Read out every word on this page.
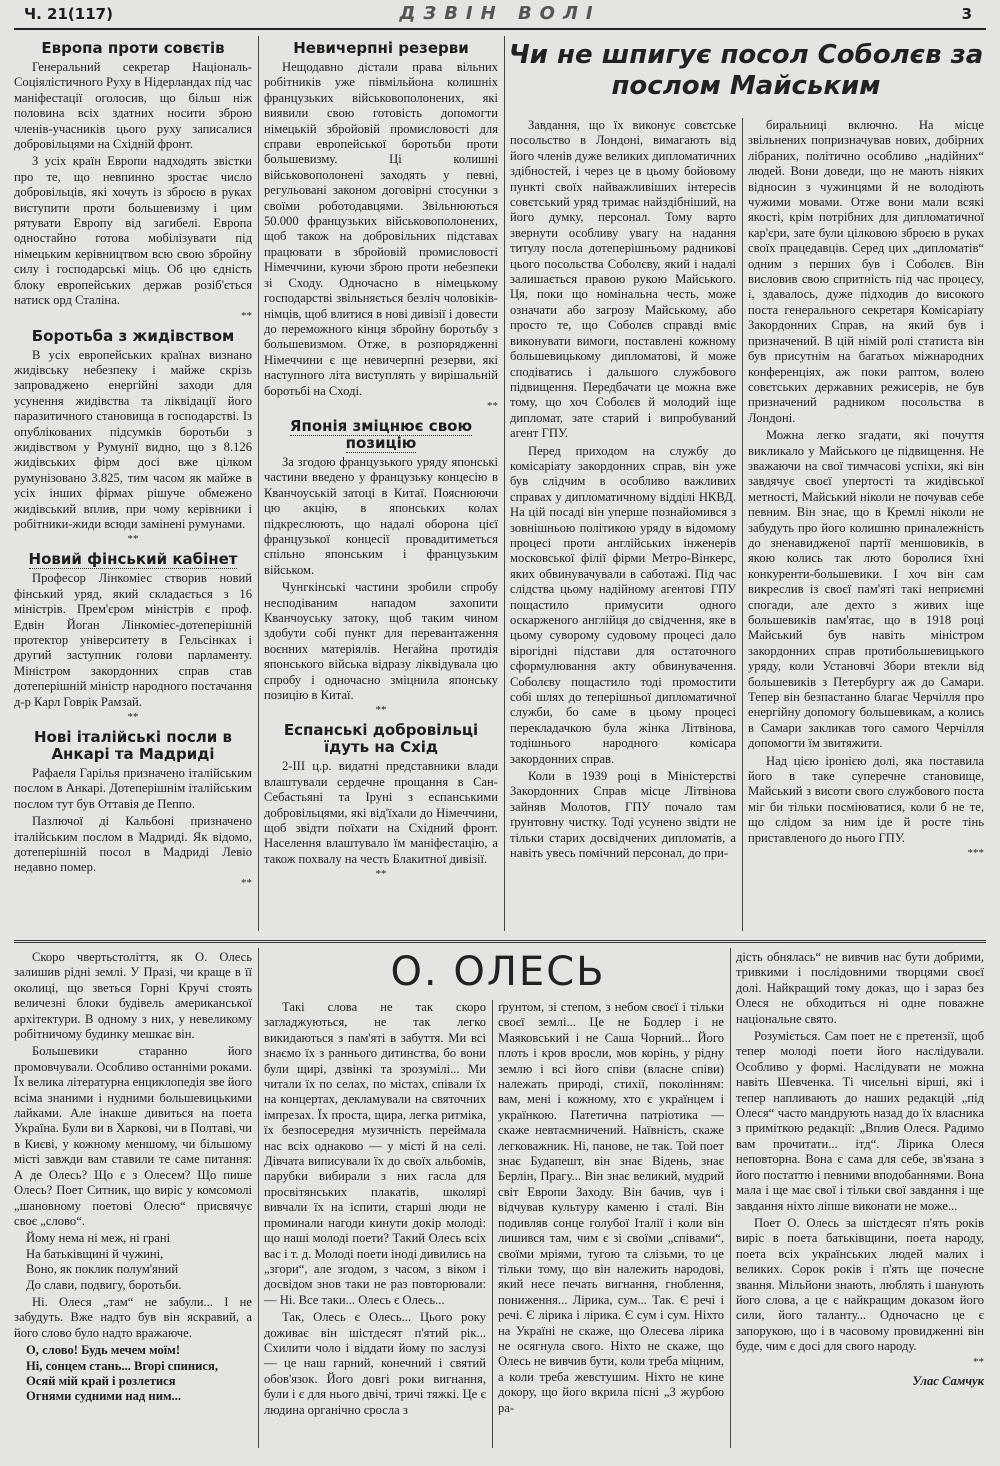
Ч. 21(117)	ДЗВІН ВОЛІ	3
Европа проти совєтів

Генеральний секретар Національ-Соціялістичного Руху в Нідерландах під час маніфестації оголосив, що більш ніж половина всіх здатних носити зброю членів-учасників цього руху записалися добровільцями на Східній фронт.

З усіх країн Европи надходять звістки про те, що невпинно зростає число добровільців, які хочуть із зброєю в руках виступити проти большевизму і цим рятувати Европу від загибелі. Европа одностайно готова мобілізувати під німецьким керівництвом всю свою збройну силу і господарські міць. Об цю єдність блоку европейських держав розіб'ється натиск орд Сталіна.

**
Боротьба з жидівством

В усіх европейських країнах визнано жидівську небезпеку і майже скрізь запроваджено енергійні заходи для усунення жидівства та ліквідації його паразитичного становища в господарстві. Із опублікованих підсумків боротьби з жидівством у Румунії видно, що з 8.126 жидівських фірм досі вже цілком румунізовано 3.825, тим часом як майже в усіх інших фірмах рішуче обмежено жидівський вплив, при чому керівники і робітники-жиди всюди замінені румунами.

**
Новий фінський кабінет

Професор Лінкоміес створив новий фінський уряд, який складається з 16 міністрів. Прем'єром міністрів є проф. Едвін Йоган Лінкоміес-дотеперішній протектор університету в Гельсінках і другий заступник голови парламенту. Міністром закордонних справ став дотеперішній міністр народного постачання д-р Карл Говрік Рамзай.

**
Нові італійські посли в Анкарі та Мадриді

Рафаеля Гарілья призначено італійським послом в Анкарі. Дотеперішнім італійським послом тут був Оттавія де Пеппо.

Пазлючої ді Кальбоні призначено італійським послом в Мадриді. Як відомо, дотеперішній посол в Мадриді Левіо недавно помер.

**
Невичерпні резерви

Нещодавно дістали права вільних робітників уже півмільйона колишніх французьких військовополонених, які виявили свою готовість допомогти німецькій збройовій промисловості для справи европейської боротьби проти большевизму. Ці колишні військовополонені заходять у певні, регульовані законом договірні стосунки з своїми роботодавцями. Звільнюються 50.000 французьких військовополонених, щоб також на добровільних підставах працювати в збройовій промисловості Німеччини, куючи зброю проти небезпеки зі Сходу. Одночасно в німецькому господарстві звільняється безліч чоловіків-німців, щоб влитися в нові дивізії і довести до переможного кінця збройну боротьбу з большевизмом. Отже, в розпорядженні Німеччини є ще невичерпні резерви, які наступного літа виступлять у вирішальній боротьбі на Сході.

**
Японія зміцнює свою позицію

За згодою французького уряду японські частини введено у французьку концесію в Кванчоуській затоці в Китаї. Пояснюючи цю акцію, в японських колах підкреслюють, що надалі оборона цієї французької концесії провадитиметься спільно японським і французьким військом.

Чунгкінські частини зробили спробу несподіваним нападом захопити Кванчоуську затоку, щоб таким чином здобути собі пункт для перевантаження воєнних матеріялів. Негайна протидія японського війська відразу ліквідувала цю спробу і одночасно зміцнила японську позицію в Китаї.

**
Еспанські добровільці їдуть на Схід

2-III ц.р. видатні представники влади влаштували сердечне прощання в Сан-Себастьяні та Іруні з еспанськими добровільцями, які від'їхали до Німеччини, щоб звідти поїхати на Східний фронт. Населення влаштувало їм маніфестацію, а також похвалу на честь Блакитної дивізії.

**
Чи не шпигує посол Соболєв за послом Майським

Завдання, що їх виконує совєтське посольство в Лондоні, вимагають від його членів дуже великих дипломатичних здібностей, і через це в цьому бойовому пункті своїх найважливіших інтересів совєтський уряд тримає найздібніший, на його думку, персонал. Тому варто звернути особливу увагу на надання титулу посла дотеперішньому радникові цього посольства Соболєву, який і надалі залишається правою рукою Майського. Ця, поки що номінальна честь, може означати або загрозу Майському, або просто те, що Соболєв справді вміє виконувати вимоги, поставлені кожному большевицькому дипломатові, й може сподіватись і дальшого службового підвищення. Передбачати це можна вже тому, що хоч Соболєв й молодий іще дипломат, зате старий і випробуваний агент ГПУ.

Перед приходом на службу до комісаріату закордонних справ, він уже був слідчим в особливо важливих справах у дипломатичному відділі НКВД. На цій посаді він уперше познайомився з зовнішньою політикою уряду в відомому процесі проти англійських інженерів московської філії фірми Метро-Вінкерс, яких обвинувачували в саботажі. Під час слідства цьому надійному агентові ГПУ пощастило примусити одного оскарженого англійця до свідчення, яке в цьому суворому судовому процесі дало вірогідні підстави для остаточного сформулювання акту обвинувачення. Соболєву пощастило тоді промостити собі шлях до теперішньої дипломатичної служби, бо саме в цьому процесі перекладачкою була жінка Літвінова, тодішнього народного комісара закордонних справ.

Коли в 1939 році в Міністерстві Закордонних Справ місце Літвінова зайняв Молотов, ГПУ почало там ґрунтовну чистку. Тоді усунено звідти не тільки старих досвідчених дипломатів, а навіть увесь помічний персонал, до при-

биральниці включно. На місце звільнених попризначував нових, добірних лібраних, політично особливо „надійних“ людей. Вони доведи, що не мають ніяких відносин з чужинцями й не володіють чужими мовами. Отже вони мали всякі якості, крім потрібних для дипломатичної кар'єри, зате були цілковою зброєю в руках своїх працедавців. Серед цих „дипломатів“ одним з перших був і Соболєв. Він висловив свою спритність під час процесу, і, здавалось, дуже підходив до високого поста генерального секретаря Комісаріату Закордонних Справ, на який був і призначений. В цій німій ролі статиста він був присутнім на багатьох міжнародних конференціях, аж поки раптом, волею совєтських державних режисерів, не був призначений радником посольства в Лондоні.

Можна легко згадати, які почуття викликало у Майського це підвищення. Не зважаючи на свої тимчасові успіхи, які він завдячує своєї упертості та жидівської метності, Майський ніколи не почував себе певним. Він знає, що в Кремлі ніколи не забудуть про його колишню приналежність до зненавидженої партії меншовиків, в якою колись так люто боролися їхні конкуренти-большевики. І хоч він сам викреслив із своєї пам'яті такі неприємні спогади, але дехто з живих іще большевиків пам'ятає, що в 1918 році Майський був навіть міністром закордонних справ протибольшевицького уряду, коли Установчі Збори втекли від большевиків з Петербургу аж до Самари. Тепер він безпастанно благає Черчілля про енергійну допомогу большевикам, а колись в Самари закликав того самого Черчілля допомогти їм звитяжити.

Над цією іронією долі, яка поставила його в таке суперечне становище, Майський з висоти свого службового поста міг би тільки посміюватися, коли б не те, що слідом за ним іде й росте тінь приставленого до нього ГПУ.

***
О. ОЛЕСЬ

Скоро чвертьстоліття, як О. Олесь залишив рідні землі. У Празі, чи краще в її околиці, що зветься Горні Кручі стоять величезні блоки будівель американської архітектури. В одному з них, у невеликому робітничому будинку мешкає він.

Большевики старанно його промовчували. Особливо останніми роками. Їх велика літературна енциклопедія зве його всіма знаними і нудними большевицькими лайками. Але інакше дивиться на поета Україна. Були ви в Харкові, чи в Полтаві, чи в Києві, у кожному меншому, чи більшому місті завжди вам ставили те саме питання: А де Олесь? Що є з Олесем? Що пише Олесь? Поет Ситник, що виріс у комсомолі „шановному поетові Олесю“ присвячує своє „слово“.

Йому нема ні меж, ні грані
На батьківщині й чужині,
Воно, як поклик полум'яний
До слави, подвигу, боротьби.

Ні. Олеся „там“ не забули... І не забудуть. Вже надто був він яскравий, а його слово було надто вражаюче.

О, слово! Будь мечем моїм!
Ні, сонцем стань... Вгорі спинися,
Осяй мій край і розлетися
Огнями судними над ним...

Такі слова не так скоро загладжуються, не так легко викидаються з пам'яті в забуття. Ми всі знаємо їх з раннього дитинства, бо вони були щирі, дзвінкі та зрозумілі... Ми читали їх по селах, по містах, співали їх на концертах, декламували на святочних імпрезах. Їх проста, щира, легка ритміка, їх безпосередня музичність переймала нас всіх однаково — у місті й на селі. Дівчата виписували їх до своїх альбомів, парубки вибирали з них гасла для просвітянських плакатів, школярі вивчали їх на іспити, старші люди не проминали нагоди кинути докір молоді: що наші молоді поети? Такий Олесь всіх вас і т. д. Молоді поети іноді дивились на „згори“, але згодом, з часом, з віком і досвідом знов таки не раз повторювали: — Ні. Все таки... Олесь є Олесь...

Так, Олесь є Олесь... Цього року доживає він шістдесят п'ятий рік... Схилити чоло і віддати йому по заслузі — це наш гарний, конечний і святий обов'язок. Його довгі роки вигнання, були і є для нього двічі, тричі тяжкі. Це є людина органічно сросла з

ґрунтом, зі степом, з небом своєї і тільки своєї землі... Це не Бодлер і не Маяковський і не Саша Чорний... Його плоть і кров вросли, мов корінь, у рідну землю і всі його співи (власне співи) належать природі, стихії, поколінням: вам, мені і кожному, хто є українцем і українкою. Патетична патріотика — скаже невтаємничений. Наївність, скаже легковажник. Ні, панове, не так. Той поет знає Будапешт, він знає Відень, знає Берлін, Прагу... Він знає великий, мудрий світ Европи Заходу. Він бачив, чув і відчував культуру каменю і сталі. Він подивляв сонце голубої Італії і коли він лишився там, чим є зі своїми „співами“, своїми мріями, тугою та слізьми, то це тільки тому, що він належить народові, який несе печать вигнання, гноблення, пониження... Лірика, сум... Так. Є речі і речі. Є лірика і лірика. Є сум і сум. Ніхто на Україні не скаже, що Олесева лірика не осягнула свого. Ніхто не скаже, що Олесь не вивчив бути, коли треба міцним, а коли треба жевстушим. Ніхто не кине докору, що його вкрила пісні „З журбою ра-

дість обнялась“ не вивчив нас бути добрими, тривкими і послідовними творцями своєї долі. Найкращий тому доказ, що і зараз без Олеся не обходиться ні одне поважне національне свято.

Розуміється. Сам поет не є претензії, щоб тепер молоді поети його наслідували. Особливо у формі. Наслідувати не можна навіть Шевченка. Ті чисельні вірші, які і тепер напливають до наших редакцій „під Олеся“ часто мандрують назад до їх власника з приміткою редакції: „Вплив Олеся. Радимо вам прочитати... ітд“. Лірика Олеся неповторна. Вона є сама для себе, зв'язана з його постаттю і певними вподобаннями. Вона мала і ще має свої і тільки свої завдання і ще завдання ніхто ліпше виконати не може...

Поет О. Олесь за шістдесят п'ять років виріс в поета батьківщини, поета народу, поета всіх українських людей малих і великих. Сорок років і п'ять ще почесне звання. Мільйони знають, люблять і шанують його слова, а це є найкращим доказом його сили, його таланту... Одночасно це є запорукою, що і в часовому провидженні він буде, чим є досі для свого народу.

**
Улас Самчук
